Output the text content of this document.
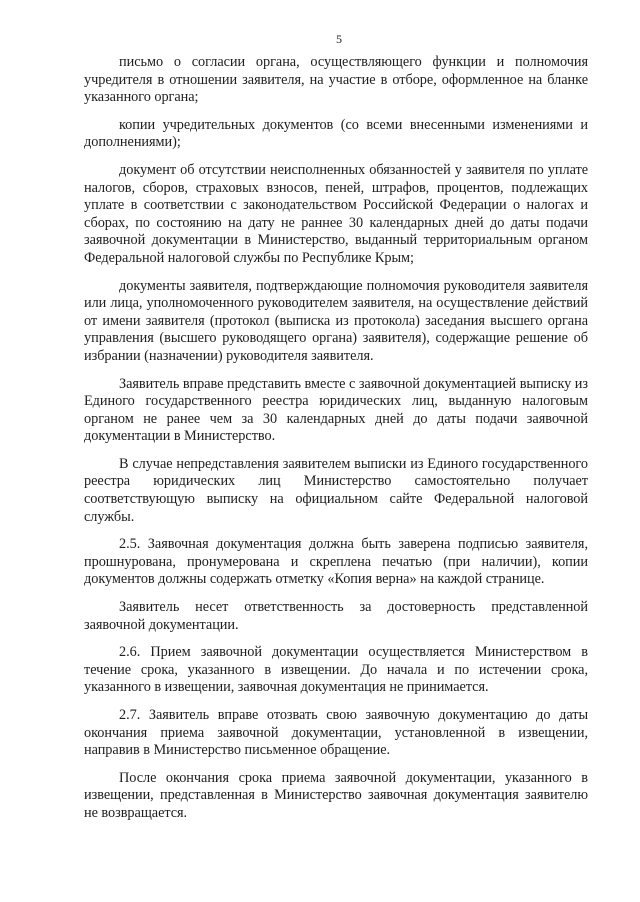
5

письмо о согласии органа, осуществляющего функции и полномочия учредителя в отношении заявителя, на участие в отборе, оформленное на бланке указанного органа;

копии учредительных документов (со всеми внесенными изменениями и дополнениями);

документ об отсутствии неисполненных обязанностей у заявителя по уплате налогов, сборов, страховых взносов, пеней, штрафов, процентов, подлежащих уплате в соответствии с законодательством Российской Федерации о налогах и сборах, по состоянию на дату не раннее 30 календарных дней до даты подачи заявочной документации в Министерство, выданный территориальным органом Федеральной налоговой службы по Республике Крым;

документы заявителя, подтверждающие полномочия руководителя заявителя или лица, уполномоченного руководителем заявителя, на осуществление действий от имени заявителя (протокол (выписка из протокола) заседания высшего органа управления (высшего руководящего органа) заявителя), содержащие решение об избрании (назначении) руководителя заявителя.

Заявитель вправе представить вместе с заявочной документацией выписку из Единого государственного реестра юридических лиц, выданную налоговым органом не ранее чем за 30 календарных дней до даты подачи заявочной документации в Министерство.

В случае непредставления заявителем выписки из Единого государственного реестра юридических лиц Министерство самостоятельно получает соответствующую выписку на официальном сайте Федеральной налоговой службы.

2.5. Заявочная документация должна быть заверена подписью заявителя, прошнурована, пронумерована и скреплена печатью (при наличии), копии документов должны содержать отметку «Копия верна» на каждой странице.

Заявитель несет ответственность за достоверность представленной заявочной документации.

2.6. Прием заявочной документации осуществляется Министерством в течение срока, указанного в извещении. До начала и по истечении срока, указанного в извещении, заявочная документация не принимается.

2.7. Заявитель вправе отозвать свою заявочную документацию до даты окончания приема заявочной документации, установленной в извещении, направив в Министерство письменное обращение.

После окончания срока приема заявочной документации, указанного в извещении, представленная в Министерство заявочная документация заявителю не возвращается.
